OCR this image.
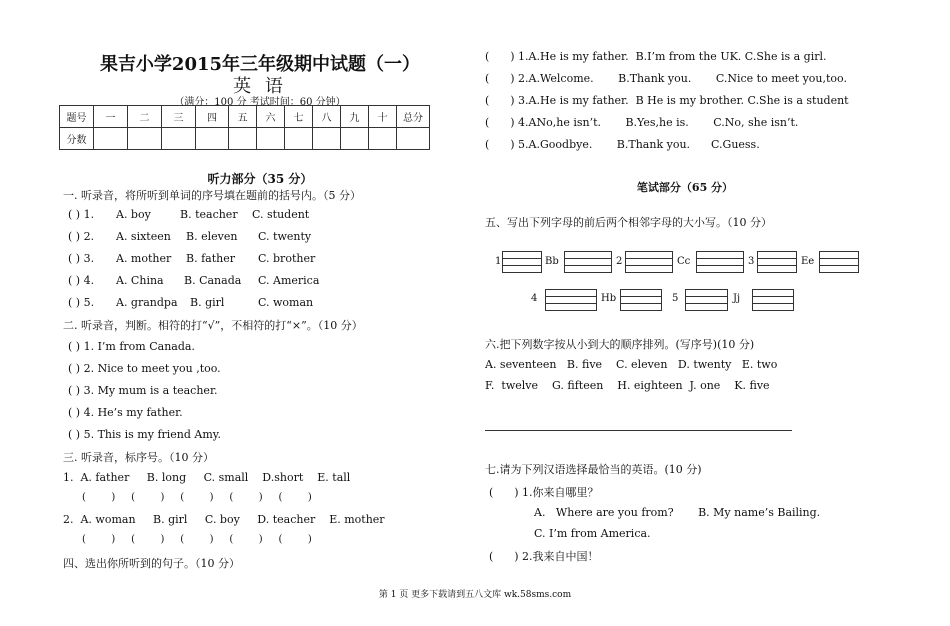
果吉小学2015年三年级期中试题（一）
英 语
（满分：100 分 考试时间：60 分钟）
题号	一	二	三	四	五	六	七	八	九	十	总分
分数											
听力部分（35 分）
一. 听录音，将所听到单词的序号填在题前的括号内。（5 分）
( ) 1. A. boy	B. teacher C. student
( ) 2. A. sixteen B. eleven C. twenty
( ) 3. A. mother B. father C. brother
( ) 4. A. China B. Canada C. America
( ) 5. A. grandpa B. girl	C. woman
二. 听录音，判断。相符的打“√”，不相符的打“×”。（10 分）
( ) 1. I’m from Canada.
( ) 2. Nice to meet you ,too.
( ) 3. My mum is a teacher.
( ) 4. He’s my father.
( ) 5. This is my friend Amy.
三. 听录音，标序号。（10 分）
1.  A. father     B. long     C. small    D.short    E. tall
(        )     (        )     (        )     (        )     (        )
2.  A. woman     B. girl     C. boy     D. teacher    E. mother
(        )     (        )     (        )     (        )     (        )
四、选出你所听到的句子。（10 分）
(      ) 1.A.He is my father.  B.I’m from the UK. C.She is a girl.
(      ) 2.A.Welcome.       B.Thank you.       C.Nice to meet you,too.
(      ) 3.A.He is my father.  B He is my brother. C.She is a student
(      ) 4.ANo,he isn’t.       B.Yes,he is.       C.No, she isn’t.
(      ) 5.A.Goodbye.       B.Thank you.      C.Guess.
笔试部分（65 分）
五、写出下列字母的前后两个相邻字母的大小写。（10 分）
1	Bb	2	Cc	3	Ee
4	Hb	5	Jj
六.把下列数字按从小到大的顺序排列。(写序号)(10 分)
A. seventeen   B. five    C. eleven   D. twenty   E. two
F.  twelve    G. fifteen    H. eighteen  J. one    K. five
七.请为下列汉语选择最恰当的英语。(10 分)
(      ) 1.你来自哪里？
A.   Where are you from?       B. My name’s Bailing.
C. I’m from America.
(      ) 2.我来自中国！
第 1 页 更多下载请到五八文库 wk.58sms.com
